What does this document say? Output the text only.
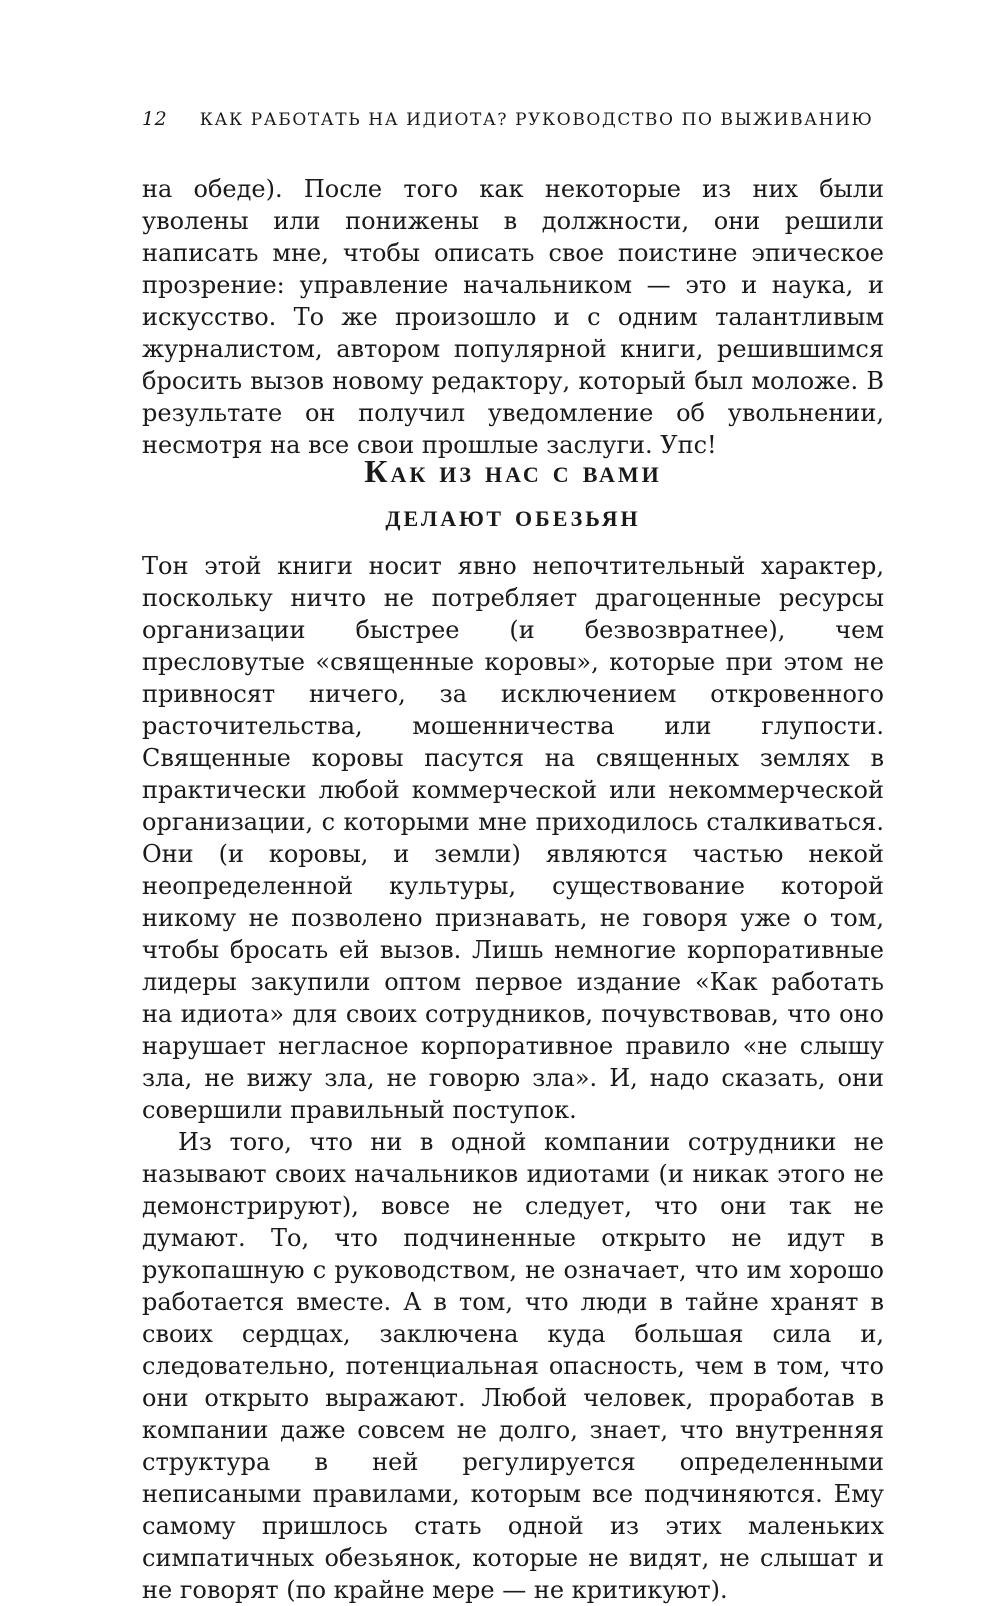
12 КАК РАБОТАТЬ НА ИДИОТА? РУКОВОДСТВО ПО ВЫЖИВАНИЮ

на обеде). После того как некоторые из них были уволены или понижены в должности, они решили написать мне, чтобы описать свое поистине эпическое прозрение: управление начальником — это и наука, и искусство. То же произошло и с одним талантливым журналистом, автором популярной книги, решившимся бросить вызов новому редактору, который был моложе. В результате он получил уведомление об увольнении, несмотря на все свои прошлые заслуги. Упс!

Как из нас с вами
делают обезьян

Тон этой книги носит явно непочтительный характер, поскольку ничто не потребляет драгоценные ресурсы организации быстрее (и безвозвратнее), чем пресловутые «священные коровы», которые при этом не привносят ничего, за исключением откровенного расточительства, мошенничества или глупости. Священные коровы пасутся на священных землях в практически любой коммерческой или некоммерческой организации, с которыми мне приходилось сталкиваться. Они (и коровы, и земли) являются частью некой неопределенной культуры, существование которой никому не позволено признавать, не говоря уже о том, чтобы бросать ей вызов. Лишь немногие корпоративные лидеры закупили оптом первое издание «Как работать на идиота» для своих сотрудников, почувствовав, что оно нарушает негласное корпоративное правило «не слышу зла, не вижу зла, не говорю зла». И, надо сказать, они совершили правильный поступок.

Из того, что ни в одной компании сотрудники не называют своих начальников идиотами (и никак этого не демонстрируют), вовсе не следует, что они так не думают. То, что подчиненные открыто не идут в рукопашную с руководством, не означает, что им хорошо работается вместе. А в том, что люди в тайне хранят в своих сердцах, заключена куда большая сила и, следовательно, потенциальная опасность, чем в том, что они открыто выражают. Любой человек, проработав в компании даже совсем не долго, знает, что внутренняя структура в ней регулируется определенными неписаными правилами, которым все подчиняются. Ему самому пришлось стать одной из этих маленьких симпатичных обезьянок, которые не видят, не слышат и не говорят (по крайне мере — не критикуют).
